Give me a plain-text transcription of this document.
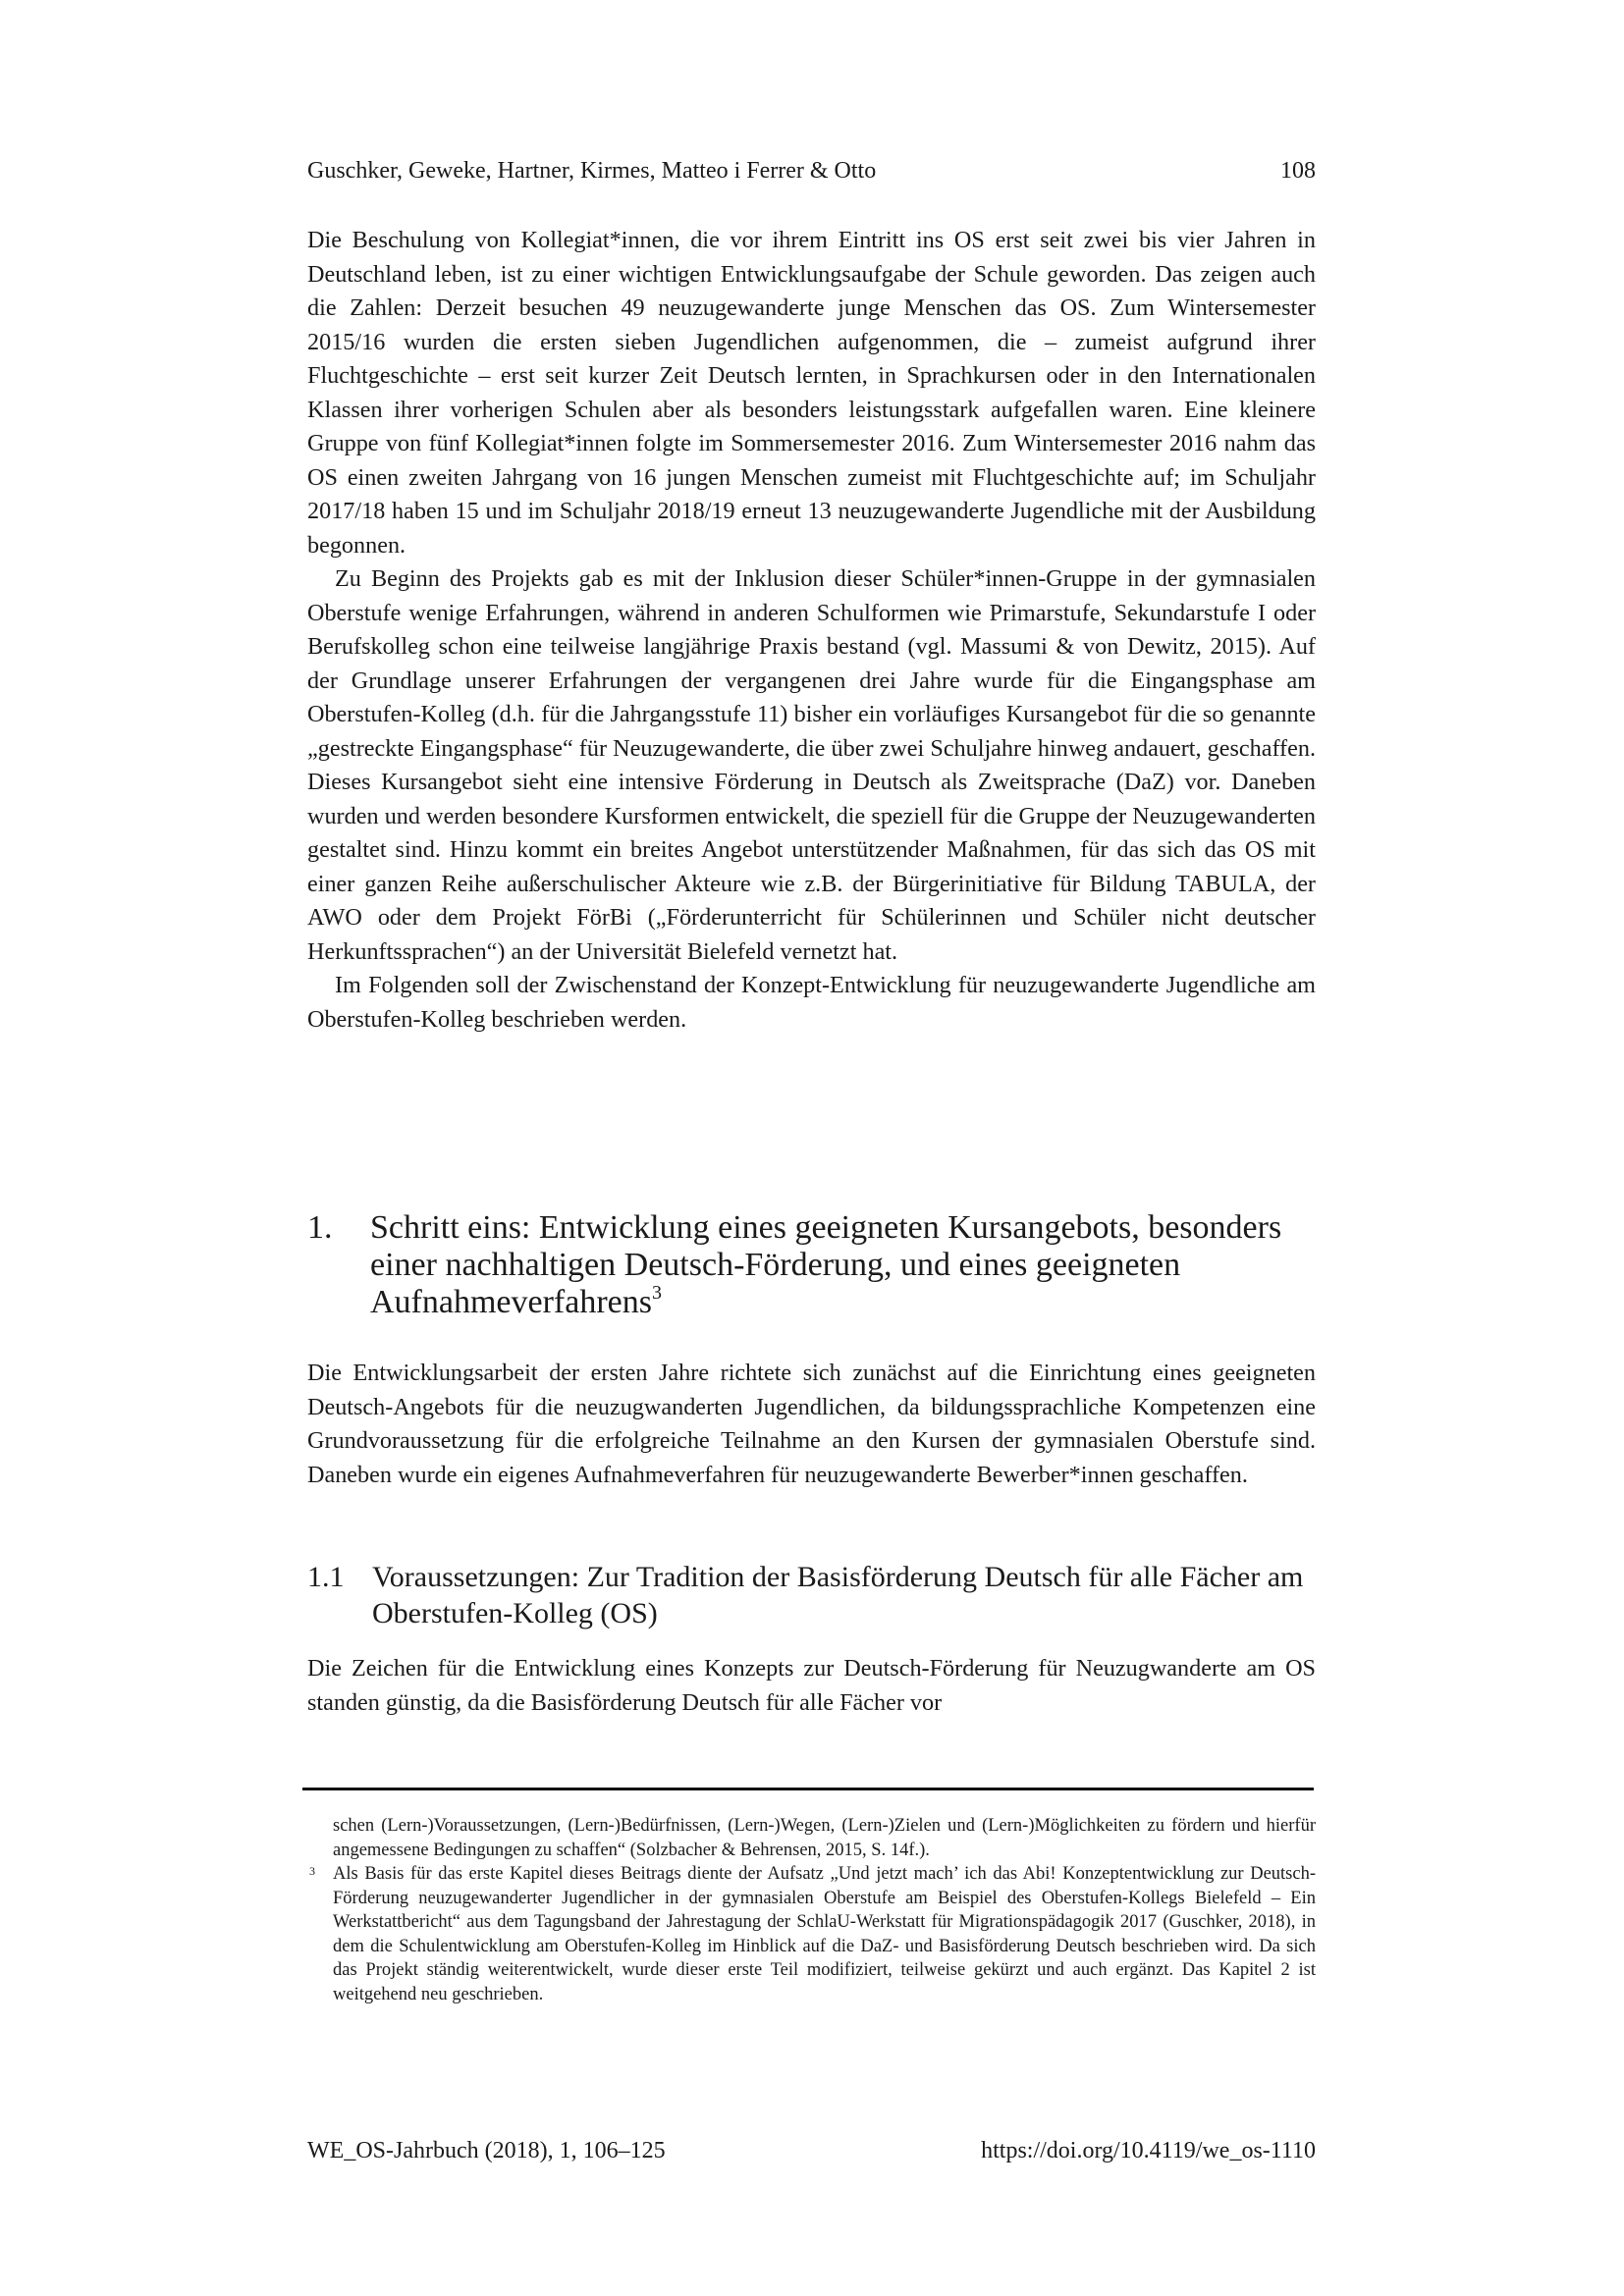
Guschker, Geweke, Hartner, Kirmes, Matteo i Ferrer & Otto	108

Die Beschulung von Kollegiat*innen, die vor ihrem Eintritt ins OS erst seit zwei bis vier Jahren in Deutschland leben, ist zu einer wichtigen Entwicklungsaufgabe der Schule geworden. Das zeigen auch die Zahlen: Derzeit besuchen 49 neuzugewanderte junge Menschen das OS. Zum Wintersemester 2015/16 wurden die ersten sieben Jugendlichen aufgenommen, die – zumeist aufgrund ihrer Fluchtgeschichte – erst seit kurzer Zeit Deutsch lernten, in Sprachkursen oder in den Internationalen Klassen ihrer vorherigen Schulen aber als besonders leistungsstark aufgefallen waren. Eine kleinere Gruppe von fünf Kollegiat*innen folgte im Sommersemester 2016. Zum Wintersemester 2016 nahm das OS einen zweiten Jahrgang von 16 jungen Menschen zumeist mit Fluchtgeschichte auf; im Schuljahr 2017/18 haben 15 und im Schuljahr 2018/19 erneut 13 neuzugewanderte Jugendliche mit der Ausbildung begonnen.

Zu Beginn des Projekts gab es mit der Inklusion dieser Schüler*innen-Gruppe in der gymnasialen Oberstufe wenige Erfahrungen, während in anderen Schulformen wie Primarstufe, Sekundarstufe I oder Berufskolleg schon eine teilweise langjährige Praxis bestand (vgl. Massumi & von Dewitz, 2015). Auf der Grundlage unserer Erfahrungen der vergangenen drei Jahre wurde für die Eingangsphase am Oberstufen-Kolleg (d.h. für die Jahrgangsstufe 11) bisher ein vorläufiges Kursangebot für die so genannte „gestreckte Eingangsphase“ für Neuzugewanderte, die über zwei Schuljahre hinweg andauert, geschaffen. Dieses Kursangebot sieht eine intensive Förderung in Deutsch als Zweitsprache (DaZ) vor. Daneben wurden und werden besondere Kursformen entwickelt, die speziell für die Gruppe der Neuzugewanderten gestaltet sind. Hinzu kommt ein breites Angebot unterstützender Maßnahmen, für das sich das OS mit einer ganzen Reihe außerschulischer Akteure wie z.B. der Bürgerinitiative für Bildung TABULA, der AWO oder dem Projekt FörBi („Förderunterricht für Schülerinnen und Schüler nicht deutscher Herkunftssprachen“) an der Universität Bielefeld vernetzt hat.

Im Folgenden soll der Zwischenstand der Konzept-Entwicklung für neuzugewanderte Jugendliche am Oberstufen-Kolleg beschrieben werden.

1.	Schritt eins: Entwicklung eines geeigneten Kursangebots, besonders einer nachhaltigen Deutsch-Förderung, und eines geeigneten Aufnahmeverfahrens$^3$

Die Entwicklungsarbeit der ersten Jahre richtete sich zunächst auf die Einrichtung eines geeigneten Deutsch-Angebots für die neuzugwanderten Jugendlichen, da bildungssprachliche Kompetenzen eine Grundvoraussetzung für die erfolgreiche Teilnahme an den Kursen der gymnasialen Oberstufe sind. Daneben wurde ein eigenes Aufnahmeverfahren für neuzugewanderte Bewerber*innen geschaffen.

1.1 Voraussetzungen: Zur Tradition der Basisförderung Deutsch für alle Fächer am Oberstufen-Kolleg (OS)

Die Zeichen für die Entwicklung eines Konzepts zur Deutsch-Förderung für Neuzugwanderte am OS standen günstig, da die Basisförderung Deutsch für alle Fächer vor

schen (Lern-)Voraussetzungen, (Lern-)Bedürfnissen, (Lern-)Wegen, (Lern-)Zielen und (Lern-)Möglichkeiten zu fördern und hierfür angemessene Bedingungen zu schaffen“ (Solzbacher & Behrensen, 2015, S. 14f.).
3 Als Basis für das erste Kapitel dieses Beitrags diente der Aufsatz „Und jetzt mach’ ich das Abi! Konzeptentwicklung zur Deutsch-Förderung neuzugewanderter Jugendlicher in der gymnasialen Oberstufe am Beispiel des Oberstufen-Kollegs Bielefeld – Ein Werkstattbericht“ aus dem Tagungsband der Jahrestagung der SchlaU-Werkstatt für Migrationspädagogik 2017 (Guschker, 2018), in dem die Schulentwicklung am Oberstufen-Kolleg im Hinblick auf die DaZ- und Basisförderung Deutsch beschrieben wird. Da sich das Projekt ständig weiterentwickelt, wurde dieser erste Teil modifiziert, teilweise gekürzt und auch ergänzt. Das Kapitel 2 ist weitgehend neu geschrieben.
WE_OS-Jahrbuch (2018), 1, 106–125	https://doi.org/10.4119/we_os-1110
